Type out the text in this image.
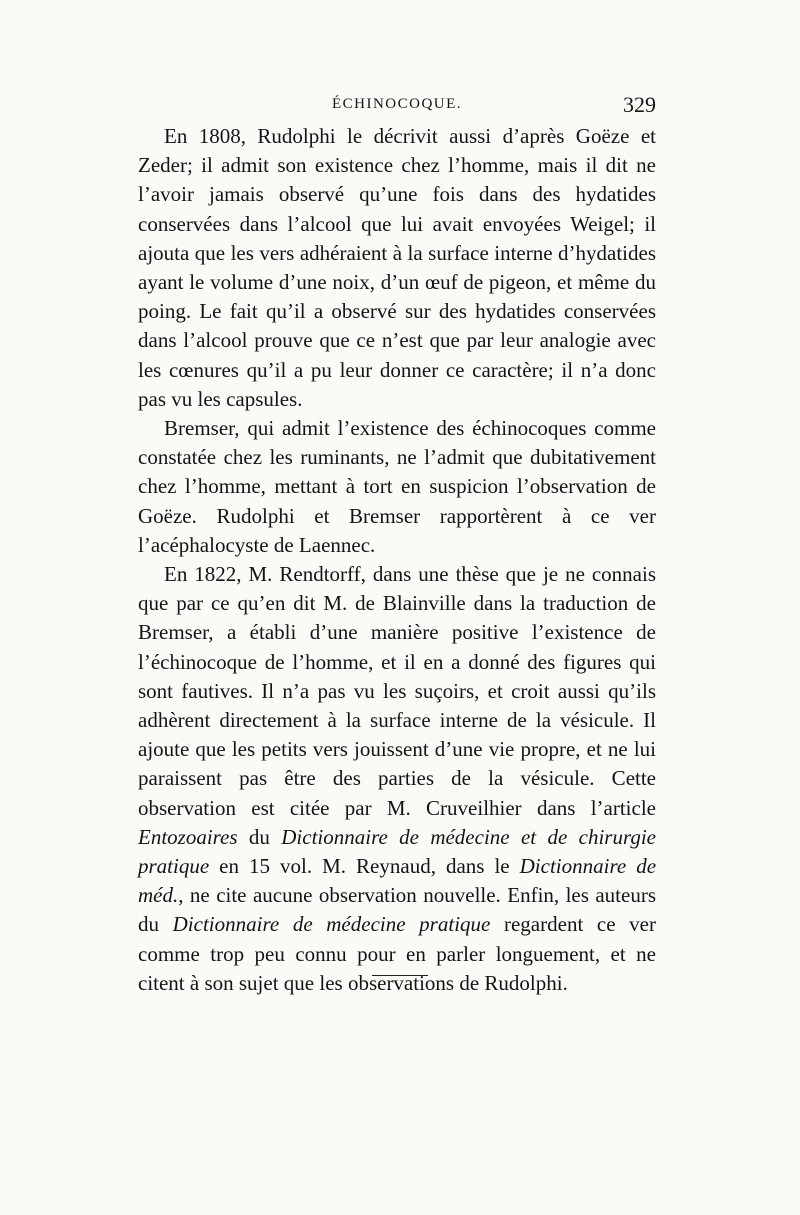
ÉCHINOCOQUE.	329

En 1808, Rudolphi le décrivit aussi d’après Goëze et Zeder; il admit son existence chez l’homme, mais il dit ne l’avoir jamais observé qu’une fois dans des hydatides conservées dans l’alcool que lui avait envoyées Weigel; il ajouta que les vers adhéraient à la surface interne d’hydatides ayant le volume d’une noix, d’un œuf de pigeon, et même du poing. Le fait qu’il a observé sur des hydatides conservées dans l’alcool prouve que ce n’est que par leur analogie avec les cœnures qu’il a pu leur donner ce caractère; il n’a donc pas vu les capsules.

Bremser, qui admit l’existence des échinocoques comme constatée chez les ruminants, ne l’admit que dubitativement chez l’homme, mettant à tort en suspicion l’observation de Goëze. Rudolphi et Bremser rapportèrent à ce ver l’acéphalocyste de Laennec.

En 1822, M. Rendtorff, dans une thèse que je ne connais que par ce qu’en dit M. de Blainville dans la traduction de Bremser, a établi d’une manière positive l’existence de l’échinocoque de l’homme, et il en a donné des figures qui sont fautives. Il n’a pas vu les suçoirs, et croit aussi qu’ils adhèrent directement à la surface interne de la vésicule. Il ajoute que les petits vers jouissent d’une vie propre, et ne lui paraissent pas être des parties de la vésicule. Cette observation est citée par M. Cruveilhier dans l’article Entozoaires du Dictionnaire de médecine et de chirurgie pratique en 15 vol. M. Reynaud, dans le Dictionnaire de méd., ne cite aucune observation nouvelle. Enfin, les auteurs du Dictionnaire de médecine pratique regardent ce ver comme trop peu connu pour en parler longuement, et ne citent à son sujet que les observations de Rudolphi.
